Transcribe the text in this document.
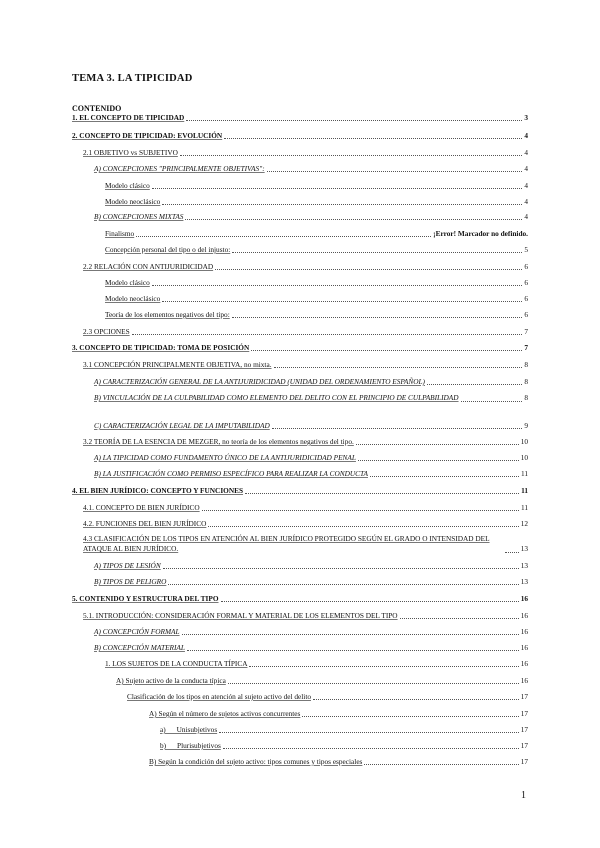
TEMA 3. LA TIPICIDAD
CONTENIDO
1. EL CONCEPTO DE TIPICIDAD	3
2. CONCEPTO DE TIPICIDAD: EVOLUCIÓN	4
2.1 OBJETIVO vs SUBJETIVO	4
A) CONCEPCIONES "PRINCIPALMENTE OBJETIVAS":	4
Modelo clásico	4
Modelo neoclásico	4
B) CONCEPCIONES MIXTAS	4
Finalismo	¡Error! Marcador no definido.
Concepción personal del tipo o del injusto:	5
2.2 RELACIÓN CON ANTIJURIDICIDAD	6
Modelo clásico	6
Modelo neoclásico	6
Teoría de los elementos negativos del tipo:	6
2.3 OPCIONES	7
3. CONCEPTO DE TIPICIDAD: TOMA DE POSICIÓN	7
3.1 CONCEPCIÓN PRINCIPALMENTE OBJETIVA, no mixta.	8
A) CARACTERIZACIÓN GENERAL DE LA ANTIJURIDICIDAD (UNIDAD DEL ORDENAMIENTO ESPAÑOL)	8
B) VINCULACIÓN DE LA CULPABILIDAD COMO ELEMENTO DEL DELITO CON EL PRINCIPIO DE CULPABILIDAD	8
C) CARACTERIZACIÓN LEGAL DE LA IMPUTABILIDAD	9
3.2 TEORÍA DE LA ESENCIA DE MEZGER, no teoría de los elementos negativos del tipo.	10
A) LA TIPICIDAD COMO FUNDAMENTO ÚNICO DE LA ANTIJURIDICIDAD PENAL	10
B) LA JUSTIFICACIÓN COMO PERMISO ESPECÍFICO PARA REALIZAR LA CONDUCTA	11
4. EL BIEN JURÍDICO: CONCEPTO Y FUNCIONES	11
4.1. CONCEPTO DE BIEN JURÍDICO	11
4.2. FUNCIONES DEL BIEN JURÍDICO	12
4.3 CLASIFICACIÓN DE LOS TIPOS EN ATENCIÓN AL BIEN JURÍDICO PROTEGIDO SEGÚN EL GRADO O INTENSIDAD DEL ATAQUE AL BIEN JURÍDICO.	13
A) TIPOS DE LESIÓN	13
B) TIPOS DE PELIGRO	13
5. CONTENIDO Y ESTRUCTURA DEL TIPO	16
5.1. INTRODUCCIÓN: CONSIDERACIÓN FORMAL Y MATERIAL DE LOS ELEMENTOS DEL TIPO	16
A) CONCEPCIÓN FORMAL	16
B) CONCEPCIÓN MATERIAL	16
1. LOS SUJETOS DE LA CONDUCTA TÍPICA	16
A) Sujeto activo de la conducta típica	16
Clasificación de los tipos en atención al sujeto activo del delito	17
A) Según el número de sujetos activos concurrentes	17
a)      Unisubjetivos	17
b)      Plurisubjetivos	17
B) Según la condición del sujeto activo: tipos comunes y tipos especiales	17
1
